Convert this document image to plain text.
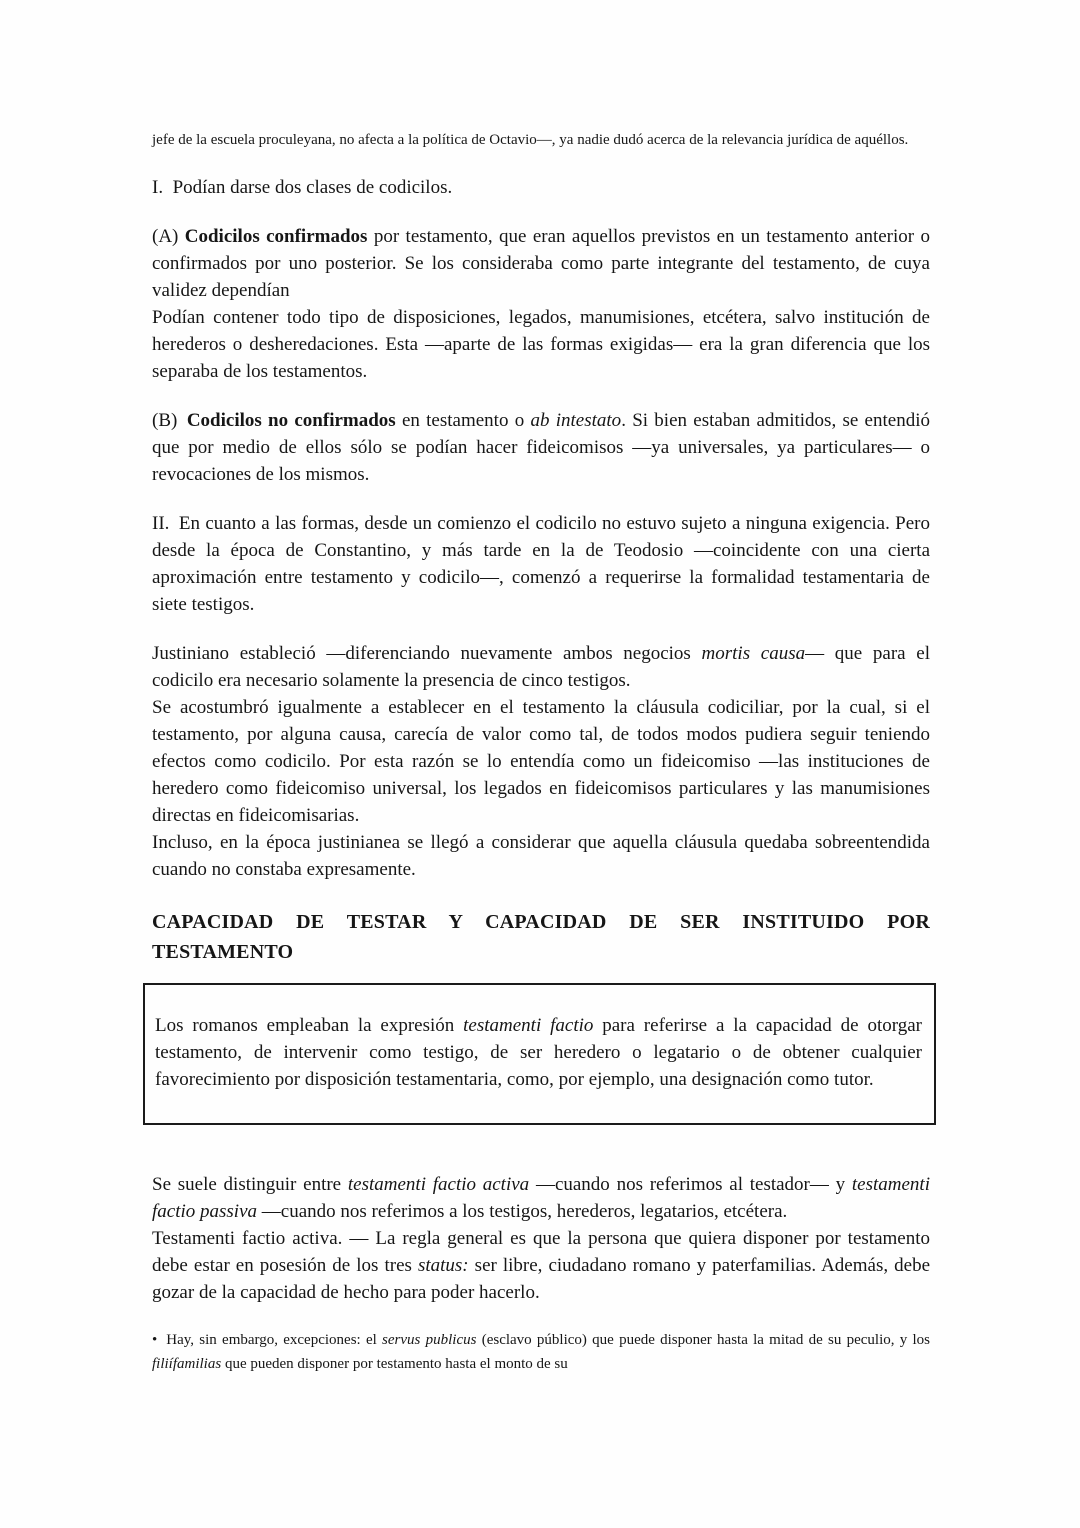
jefe de la escuela proculeyana, no afecta a la política de Octavio—, ya nadie dudó acerca de la relevancia jurídica de aquéllos.

I. Podían darse dos clases de codicilos.

(A) Codicilos confirmados por testamento, que eran aquellos previstos en un testamento anterior o confirmados por uno posterior. Se los consideraba como parte integrante del testamento, de cuya validez dependían

Podían contener todo tipo de disposiciones, legados, manumisiones, etcétera, salvo institución de herederos o desheredaciones. Esta —aparte de las formas exigidas— era la gran diferencia que los separaba de los testamentos.

(B) Codicilos no confirmados en testamento o ab intestato. Si bien estaban admitidos, se entendió que por medio de ellos sólo se podían hacer fideicomisos —ya universales, ya particulares— o revocaciones de los mismos.

II. En cuanto a las formas, desde un comienzo el codicilo no estuvo sujeto a ninguna exigencia. Pero desde la época de Constantino, y más tarde en la de Teodosio —coincidente con una cierta aproximación entre testamento y codicilo—, comenzó a requerirse la formalidad testamentaria de siete testigos.

Justiniano estableció —diferenciando nuevamente ambos negocios mortis causa— que para el codicilo era necesario solamente la presencia de cinco testigos.

Se acostumbró igualmente a establecer en el testamento la cláusula codiciliar, por la cual, si el testamento, por alguna causa, carecía de valor como tal, de todos modos pudiera seguir teniendo efectos como codicilo. Por esta razón se lo entendía como un fideicomiso —las instituciones de heredero como fideicomiso universal, los legados en fideicomisos particulares y las manumisiones directas en fideicomisarias.

Incluso, en la época justinianea se llegó a considerar que aquella cláusula quedaba sobreentendida cuando no constaba expresamente.

CAPACIDAD DE TESTAR Y CAPACIDAD DE SER INSTITUIDO POR
TESTAMENTO

Los romanos empleaban la expresión testamenti factio para referirse a la capacidad de otorgar testamento, de intervenir como testigo, de ser heredero o legatario o de obtener cualquier favorecimiento por disposición testamentaria, como, por ejemplo, una designación como tutor.

Se suele distinguir entre testamenti factio activa —cuando nos referimos al testador— y testamenti factio passiva —cuando nos referimos a los testigos, herederos, legatarios, etcétera.

Testamenti factio activa. — La regla general es que la persona que quiera disponer por testamento debe estar en posesión de los tres status: ser libre, ciudadano romano y paterfamilias. Además, debe gozar de la capacidad de hecho para poder hacerlo.

• Hay, sin embargo, excepciones: el servus publicus (esclavo público) que puede disponer hasta la mitad de su peculio, y los filiífamilias que pueden disponer por testamento hasta el monto de su
